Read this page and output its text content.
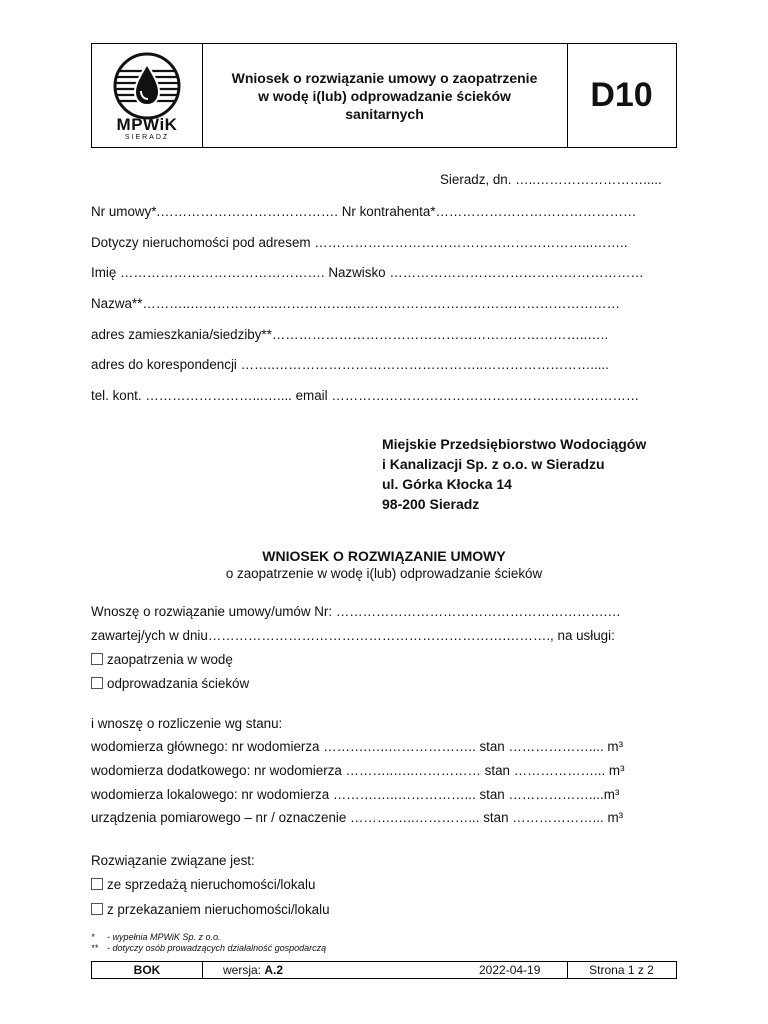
MPWiK
SIERADZ
Wniosek o rozwiązanie umowy o zaopatrzenie
w wodę i(lub) odprowadzanie ścieków
sanitarnych	D10
Sieradz, dn. …..…………………….....
Nr umowy*.…………………………………. Nr kontrahenta*………………………………………
Dotyczy nieruchomości pod adresem ……………………………………………………...……..
Imię ………………………………………. Nazwisko …………………………………………………
Nazwa**………..………………..……………..……………………………………………………
adres zamieszkania/siedziby**……………………………………………………………..…..
adres do korespondencji ……..………………………………………..…………………….....
tel. kont. ……………………...….... email ……………………………………………………………
Miejskie Przedsiębiorstwo Wodociągów
i Kanalizacji Sp. z o.o. w Sieradzu
ul. Górka Kłocka 14
98-200 Sieradz
WNIOSEK O ROZWIĄZANIE UMOWY
o zaopatrzenie w wodę i(lub) odprowadzanie ścieków
Wnoszę o rozwiązanie umowy/umów Nr: …………………………………………………….…
zawartej/ych w dniu………………………………………………………….………., na usługi:
zaopatrzenia w wodę
odprowadzania ścieków
i wnoszę o rozliczenie wg stanu:
wodomierza głównego: nr wodomierza ……….…..……………….. stan ……………….... m³
wodomierza dodatkowego: nr wodomierza ………..…..…………… stan ………………... m³
wodomierza lokalowego: nr wodomierza ……….…..……………... stan ………………....m³
urządzenia pomiarowego – nr / oznaczenie ……….…..…………... stan ………………... m³
Rozwiązanie związane jest:
ze sprzedażą nieruchomości/lokalu
z przekazaniem nieruchomości/lokalu
* - wypełnia MPWiK Sp. z o.o.
** - dotyczy osób prowadzących działalność gospodarczą
BOK	wersja: A.2	2022-04-19	Strona 1 z 2
